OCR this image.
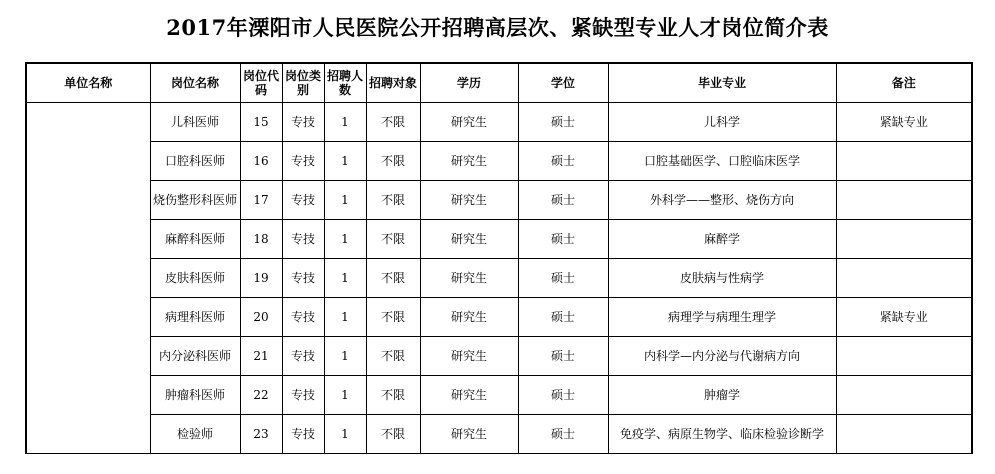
2017年溧阳市人民医院公开招聘高层次、紧缺型专业人才岗位简介表
单位名称	岗位名称	岗位代码	岗位类别	招聘人数	招聘对象	学历	学位	毕业专业	备注
	儿科医师	15	专技	1	不限	研究生	硕士	儿科学	紧缺专业
	口腔科医师	16	专技	1	不限	研究生	硕士	口腔基础医学、口腔临床医学	
	烧伤整形科医师	17	专技	1	不限	研究生	硕士	外科学——整形、烧伤方向	
	麻醉科医师	18	专技	1	不限	研究生	硕士	麻醉学	
	皮肤科医师	19	专技	1	不限	研究生	硕士	皮肤病与性病学	
	病理科医师	20	专技	1	不限	研究生	硕士	病理学与病理生理学	紧缺专业
	内分泌科医师	21	专技	1	不限	研究生	硕士	内科学—内分泌与代谢病方向	
	肿瘤科医师	22	专技	1	不限	研究生	硕士	肿瘤学	
	检验师	23	专技	1	不限	研究生	硕士	免疫学、病原生物学、临床检验诊断学	
